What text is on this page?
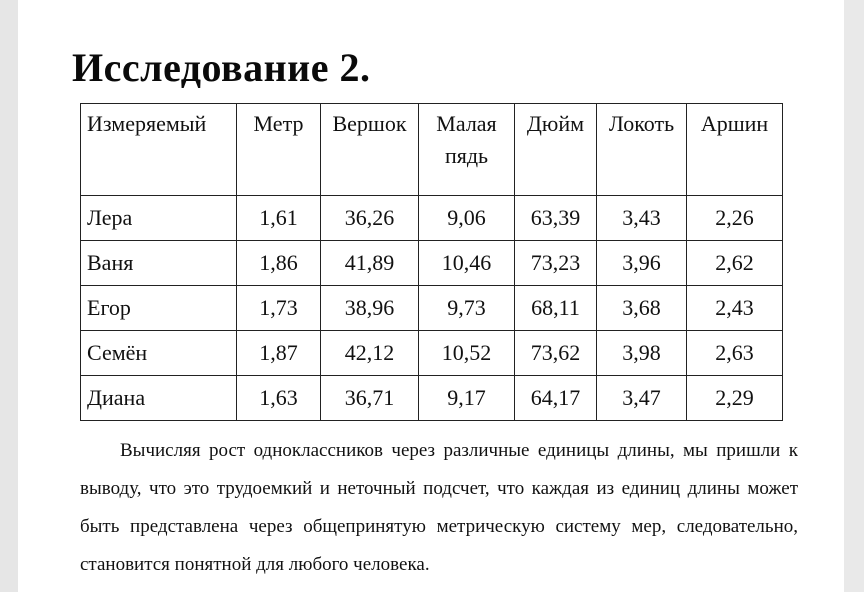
Исследование 2.
Измеряемый	Метр	Вершок	Малая пядь	Дюйм	Локоть	Аршин
Лера	1,61	36,26	9,06	63,39	3,43	2,26
Ваня	1,86	41,89	10,46	73,23	3,96	2,62
Егор	1,73	38,96	9,73	68,11	3,68	2,43
Семён	1,87	42,12	10,52	73,62	3,98	2,63
Диана	1,63	36,71	9,17	64,17	3,47	2,29

Вычисляя рост одноклассников через различные единицы длины, мы пришли к выводу, что это трудоемкий и неточный подсчет, что каждая из единиц длины может быть представлена через общепринятую метрическую систему мер, следовательно, становится понятной для любого человека.
